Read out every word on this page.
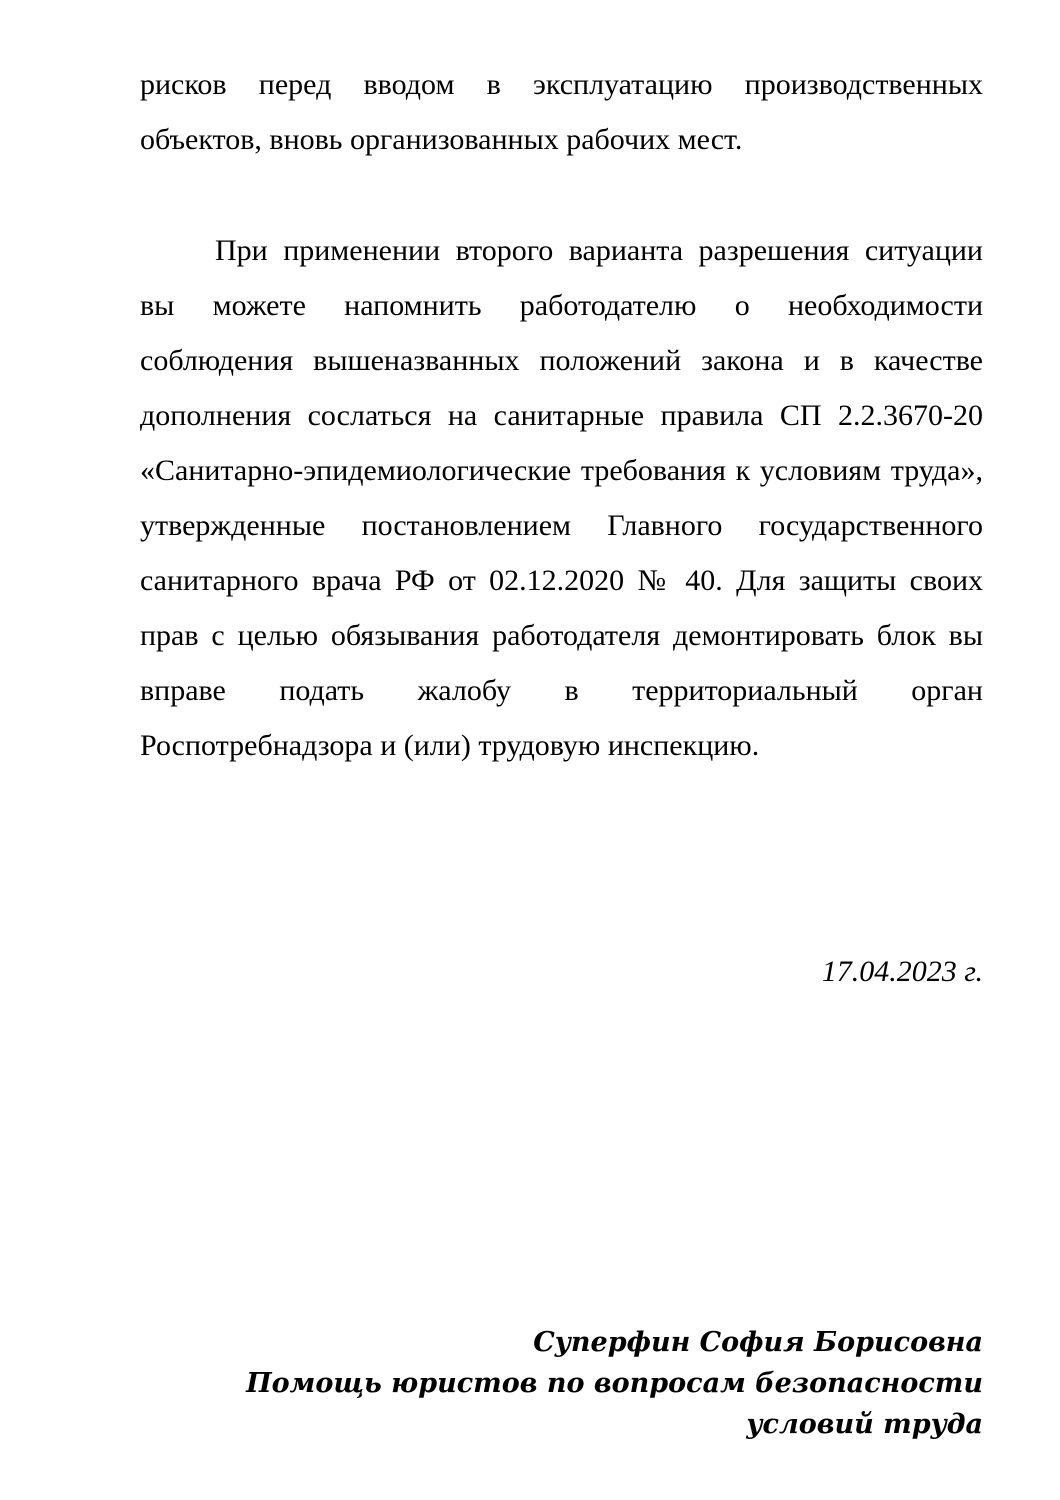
рисков перед вводом в эксплуатацию производственных объектов, вновь организованных рабочих мест.

При применении второго варианта разрешения ситуации вы можете напомнить работодателю о необходимости соблюдения вышеназванных положений закона и в качестве дополнения сослаться на санитарные правила СП 2.2.3670-20 «Санитарно-эпидемиологические требования к условиям труда», утвержденные постановлением Главного государственного санитарного врача РФ от 02.12.2020 № 40. Для защиты своих прав с целью обязывания работодателя демонтировать блок вы вправе подать жалобу в территориальный орган Роспотребнадзора и (или) трудовую инспекцию.

17.04.2023 г.

Суперфин София Борисовна
Помощь юристов по вопросам безопасности
условий труда
